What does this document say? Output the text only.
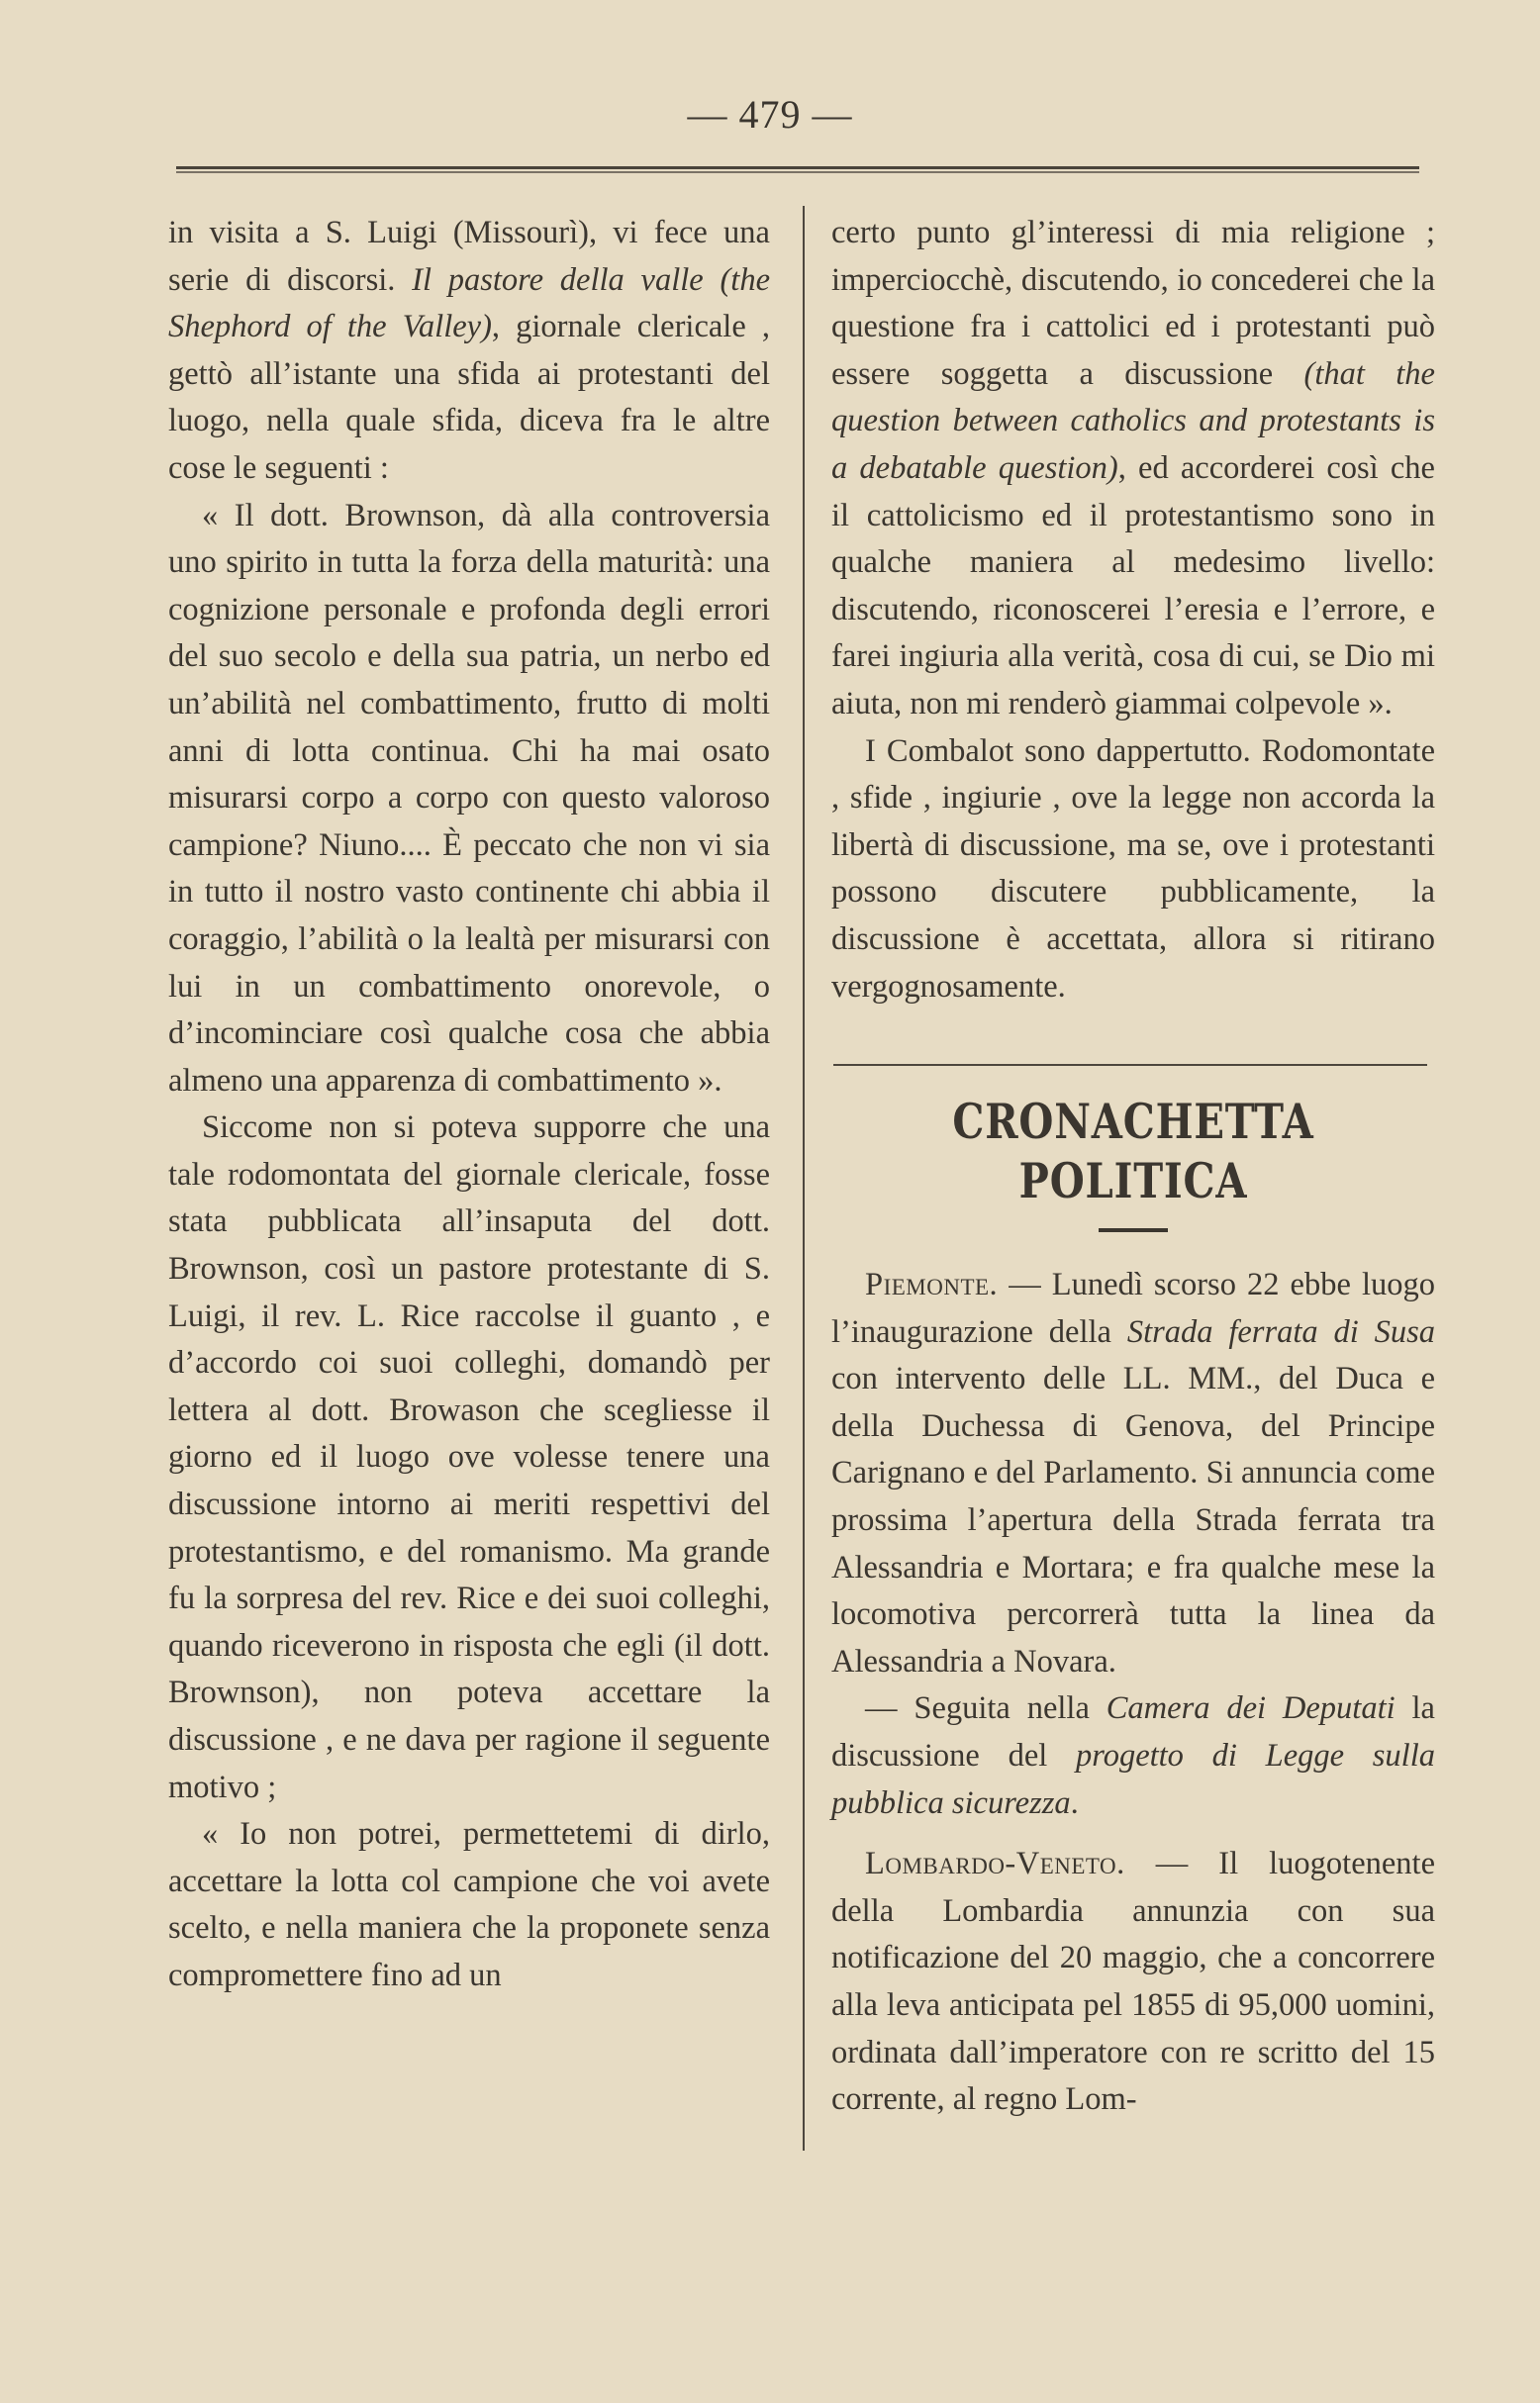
— 479 —

in visita a S. Luigi (Missourì), vi fece una serie di discorsi. Il pastore della valle (the Shephord of the Valley), giornale clericale , gettò all’istante una sfida ai protestanti del luogo, nella quale sfida, diceva fra le altre cose le seguenti :

« Il dott. Brownson, dà alla controversia uno spirito in tutta la forza della maturità: una cognizione personale e profonda degli errori del suo secolo e della sua patria, un nerbo ed un’abilità nel combattimento, frutto di molti anni di lotta continua. Chi ha mai osato misurarsi corpo a corpo con questo valoroso campione? Niuno.... È peccato che non vi sia in tutto il nostro vasto continente chi abbia il coraggio, l’abilità o la lealtà per misurarsi con lui in un combattimento onorevole, o d’incominciare così qualche cosa che abbia almeno una apparenza di combattimento ».

Siccome non si poteva supporre che una tale rodomontata del giornale clericale, fosse stata pubblicata all’insaputa del dott. Brownson, così un pastore protestante di S. Luigi, il rev. L. Rice raccolse il guanto , e d’accordo coi suoi colleghi, domandò per lettera al dott. Browason che scegliesse il giorno ed il luogo ove volesse tenere una discussione intorno ai meriti respettivi del protestantismo, e del romanismo. Ma grande fu la sorpresa del rev. Rice e dei suoi colleghi, quando riceverono in risposta che egli (il dott. Brownson), non poteva accettare la discussione , e ne dava per ragione il seguente motivo ;

« Io non potrei, permettetemi di dirlo, accettare la lotta col campione che voi avete scelto, e nella maniera che la proponete senza compromettere fino ad un

certo punto gl’interessi di mia religione ; imperciocchè, discutendo, io concederei che la questione fra i cattolici ed i protestanti può essere soggetta a discussione (that the question between catholics and protestants is a debatable question), ed accorderei così che il cattolicismo ed il protestantismo sono in qualche maniera al medesimo livello: discutendo, riconoscerei l’eresia e l’errore, e farei ingiuria alla verità, cosa di cui, se Dio mi aiuta, non mi renderò giammai colpevole ».

I Combalot sono dappertutto. Rodomontate , sfide , ingiurie , ove la legge non accorda la libertà di discussione, ma se, ove i protestanti possono discutere pubblicamente, la discussione è accettata, allora si ritirano vergognosamente.

CRONACHETTA POLITICA

Piemonte. — Lunedì scorso 22 ebbe luogo l’inaugurazione della Strada ferrata di Susa con intervento delle LL. MM., del Duca e della Duchessa di Genova, del Principe Carignano e del Parlamento. Si annuncia come prossima l’apertura della Strada ferrata tra Alessandria e Mortara; e fra qualche mese la locomotiva percorrerà tutta la linea da Alessandria a Novara.

— Seguita nella Camera dei Deputati la discussione del progetto di Legge sulla pubblica sicurezza.

Lombardo-Veneto. — Il luogotenente della Lombardia annunzia con sua notificazione del 20 maggio, che a concorrere alla leva anticipata pel 1855 di 95,000 uomini, ordinata dall’imperatore con re scritto del 15 corrente, al regno Lom-
